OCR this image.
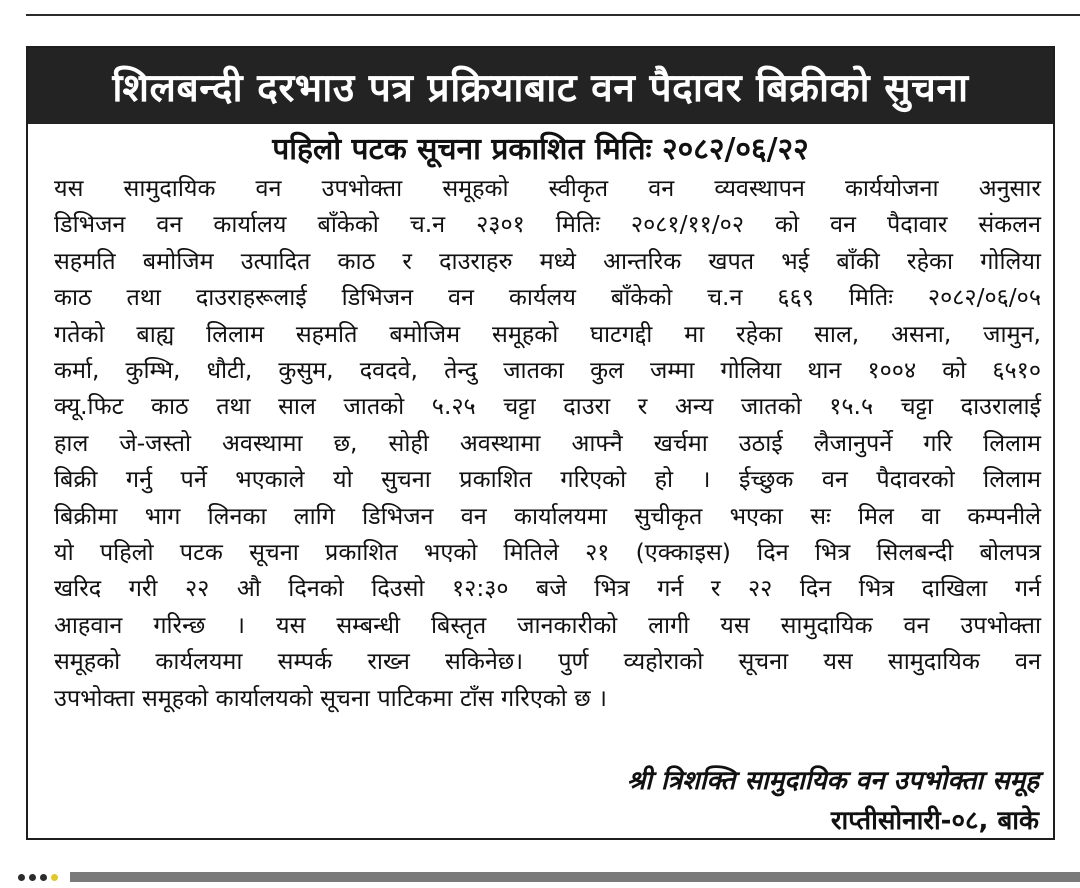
शिलबन्दी दरभाउ पत्र प्रक्रियाबाट वन पैदावर बिक्रीको सुचना
पहिलो पटक सूचना प्रकाशित मितिः २०८२/०६/२२
यस सामुदायिक वन उपभोक्ता समूहको स्वीकृत वन व्यवस्थापन कार्ययोजना अनुसार
डिभिजन वन कार्यालय बाँकेको च.न २३०१ मितिः २०८१/११/०२ को वन पैदावार संकलन
सहमति बमोजिम उत्पादित काठ र दाउराहरु मध्ये आन्तरिक खपत भई बाँकी रहेका गोलिया
काठ तथा दाउराहरूलाई डिभिजन वन कार्यलय बाँकेको च.न ६६९ मितिः २०८२/०६/०५
गतेको बाह्य लिलाम सहमति बमोजिम समूहको घाटगद्दी मा रहेका साल, असना, जामुन,
कर्मा, कुम्भि, धौटी, कुसुम, दवदवे, तेन्दु जातका कुल जम्मा गोलिया थान १००४ को ६५१०
क्यू.फिट काठ तथा साल जातको ५.२५ चट्टा दाउरा र अन्य जातको १५.५ चट्टा दाउरालाई
हाल जे-जस्तो अवस्थामा छ, सोही अवस्थामा आफ्नै खर्चमा उठाई लैजानुपर्ने गरि लिलाम
बिक्री गर्नु पर्ने भएकाले यो सुचना प्रकाशित गरिएको हो । ईच्छुक वन पैदावरको लिलाम
बिक्रीमा भाग लिनका लागि डिभिजन वन कार्यालयमा सुचीकृत भएका सः मिल वा कम्पनीले
यो पहिलो पटक सूचना प्रकाशित भएको मितिले २१ (एक्काइस) दिन भित्र सिलबन्दी बोलपत्र
खरिद गरी २२ औ दिनको दिउसो १२:३० बजे भित्र गर्न र २२ दिन भित्र दाखिला गर्न
आहवान गरिन्छ । यस सम्बन्धी बिस्तृत जानकारीको लागी यस सामुदायिक वन उपभोक्ता
समूहको कार्यलयमा सम्पर्क राख्न सकिनेछ। पुर्ण व्यहोराको सूचना यस सामुदायिक वन
उपभोक्ता समूहको कार्यालयको सूचना पाटिकमा टाँस गरिएको छ ।
श्री त्रिशक्ति सामुदायिक वन उपभोक्ता समूह
राप्तीसोनारी-०८, बाके
